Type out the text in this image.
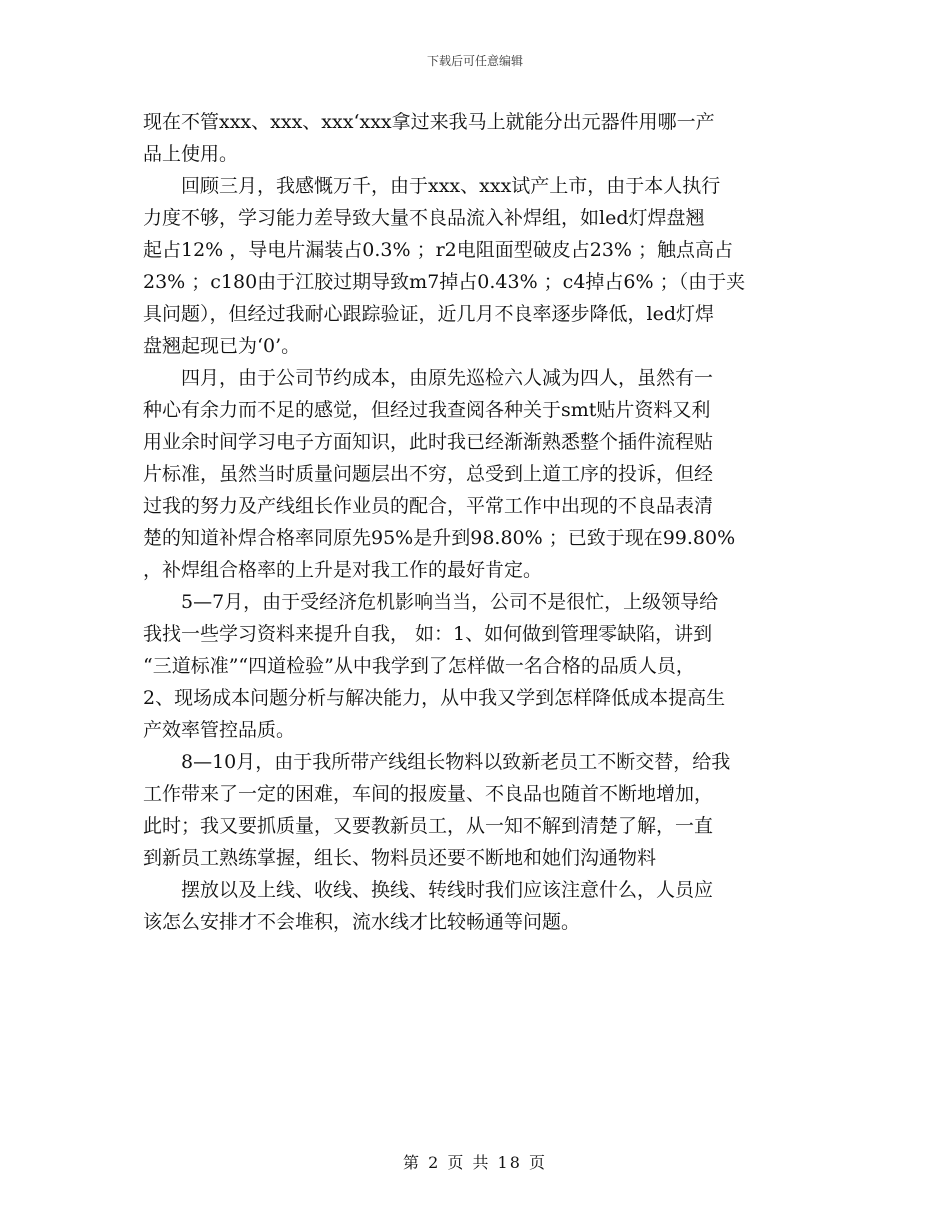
下载后可任意编辑
现在不管xxx、xxx、xxx‘xxx拿过来我马上就能分出元器件用哪一产
品上使用。
回顾三月，我感慨万千，由于xxx、xxx试产上市，由于本人执行
力度不够，学习能力差导致大量不良品流入补焊组，如led灯焊盘翘
起占12% ，导电片漏装占0.3% ；r2电阻面型破皮占23% ；触点高占
23% ；c180由于江胶过期导致m7掉占0.43% ；c4掉占6% ；（由于夹
具问题），但经过我耐心跟踪验证，近几月不良率逐步降低，led灯焊
盘翘起现已为‘0’。
四月，由于公司节约成本，由原先巡检六人减为四人，虽然有一
种心有余力而不足的感觉，但经过我查阅各种关于smt贴片资料又利
用业余时间学习电子方面知识，此时我已经渐渐熟悉整个插件流程贴
片标准，虽然当时质量问题层出不穷，总受到上道工序的投诉，但经
过我的努力及产线组长作业员的配合，平常工作中出现的不良品表清
楚的知道补焊合格率同原先95%是升到98.80% ；已致于现在99.80%
，补焊组合格率的上升是对我工作的最好肯定。
5—7月，由于受经济危机影响当当，公司不是很忙，上级领导给
我找一些学习资料来提升自我， 如：1、如何做到管理零缺陷，讲到
“三道标准”“四道检验”从中我学到了怎样做一名合格的品质人员，
2、现场成本问题分析与解决能力，从中我又学到怎样降低成本提高生
产效率管控品质。
8—10月，由于我所带产线组长物料以致新老员工不断交替，给我
工作带来了一定的困难，车间的报废量、不良品也随首不断地增加，
此时；我又要抓质量，又要教新员工，从一知不解到清楚了解，一直
到新员工熟练掌握，组长、物料员还要不断地和她们沟通物料
摆放以及上线、收线、换线、转线时我们应该注意什么，人员应
该怎么安排才不会堆积，流水线才比较畅通等问题。
第 2 页 共 18 页
